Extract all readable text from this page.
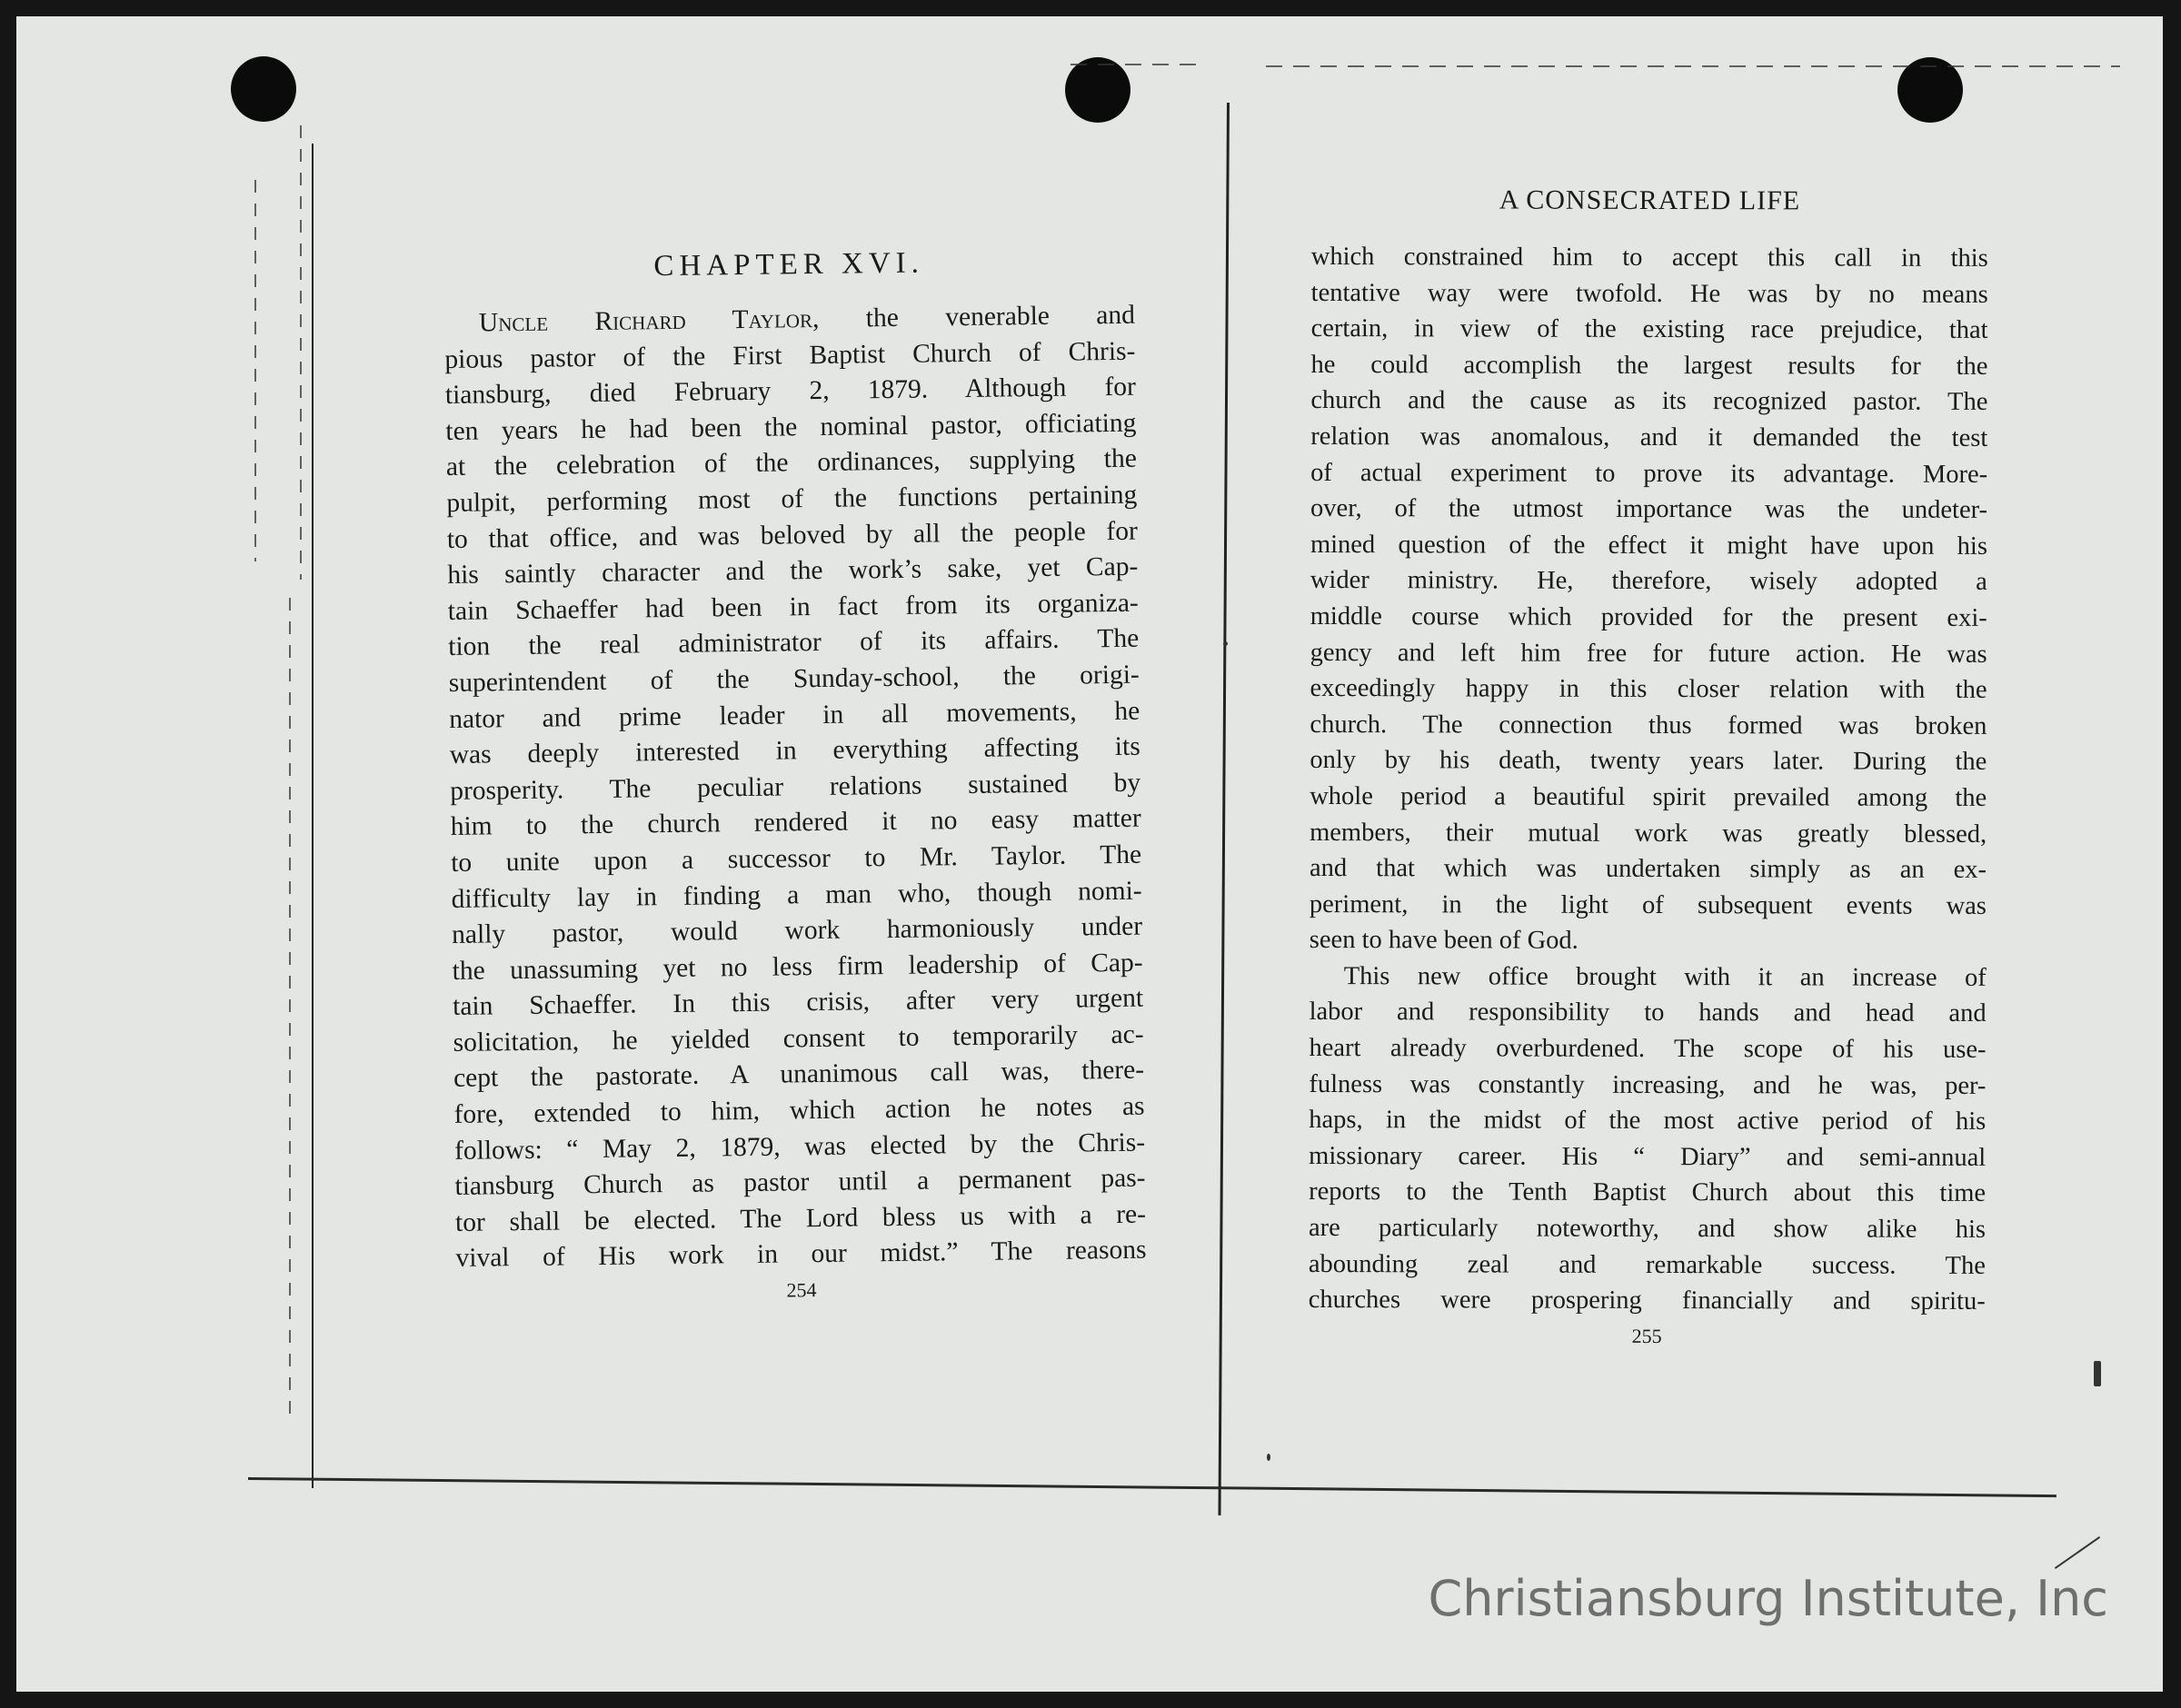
CHAPTER XVI.
Uncle Richard Taylor, the venerable and
pious pastor of the First Baptist Church of Chris-
tiansburg, died February 2, 1879. Although for
ten years he had been the nominal pastor, officiating
at the celebration of the ordinances, supplying the
pulpit, performing most of the functions pertaining
to that office, and was beloved by all the people for
his saintly character and the work’s sake, yet Cap-
tain Schaeffer had been in fact from its organiza-
tion the real administrator of its affairs. The
superintendent of the Sunday-school, the origi-
nator and prime leader in all movements, he
was deeply interested in everything affecting its
prosperity. The peculiar relations sustained by
him to the church rendered it no easy matter
to unite upon a successor to Mr. Taylor. The
difficulty lay in finding a man who, though nomi-
nally pastor, would work harmoniously under
the unassuming yet no less firm leadership of Cap-
tain Schaeffer. In this crisis, after very urgent
solicitation, he yielded consent to temporarily ac-
cept the pastorate. A unanimous call was, there-
fore, extended to him, which action he notes as
follows: “ May 2, 1879, was elected by the Chris-
tiansburg Church as pastor until a permanent pas-
tor shall be elected. The Lord bless us with a re-
vival of His work in our midst.” The reasons
254
A CONSECRATED LIFE
which constrained him to accept this call in this
tentative way were twofold. He was by no means
certain, in view of the existing race prejudice, that
he could accomplish the largest results for the
church and the cause as its recognized pastor. The
relation was anomalous, and it demanded the test
of actual experiment to prove its advantage. More-
over, of the utmost importance was the undeter-
mined question of the effect it might have upon his
wider ministry. He, therefore, wisely adopted a
middle course which provided for the present exi-
gency and left him free for future action. He was
exceedingly happy in this closer relation with the
church. The connection thus formed was broken
only by his death, twenty years later. During the
whole period a beautiful spirit prevailed among the
members, their mutual work was greatly blessed,
and that which was undertaken simply as an ex-
periment, in the light of subsequent events was
seen to have been of God.
This new office brought with it an increase of
labor and responsibility to hands and head and
heart already overburdened. The scope of his use-
fulness was constantly increasing, and he was, per-
haps, in the midst of the most active period of his
missionary career. His “ Diary” and semi-annual
reports to the Tenth Baptist Church about this time
are particularly noteworthy, and show alike his
abounding zeal and remarkable success. The
churches were prospering financially and spiritu-
255
Christiansburg Institute, Inc
